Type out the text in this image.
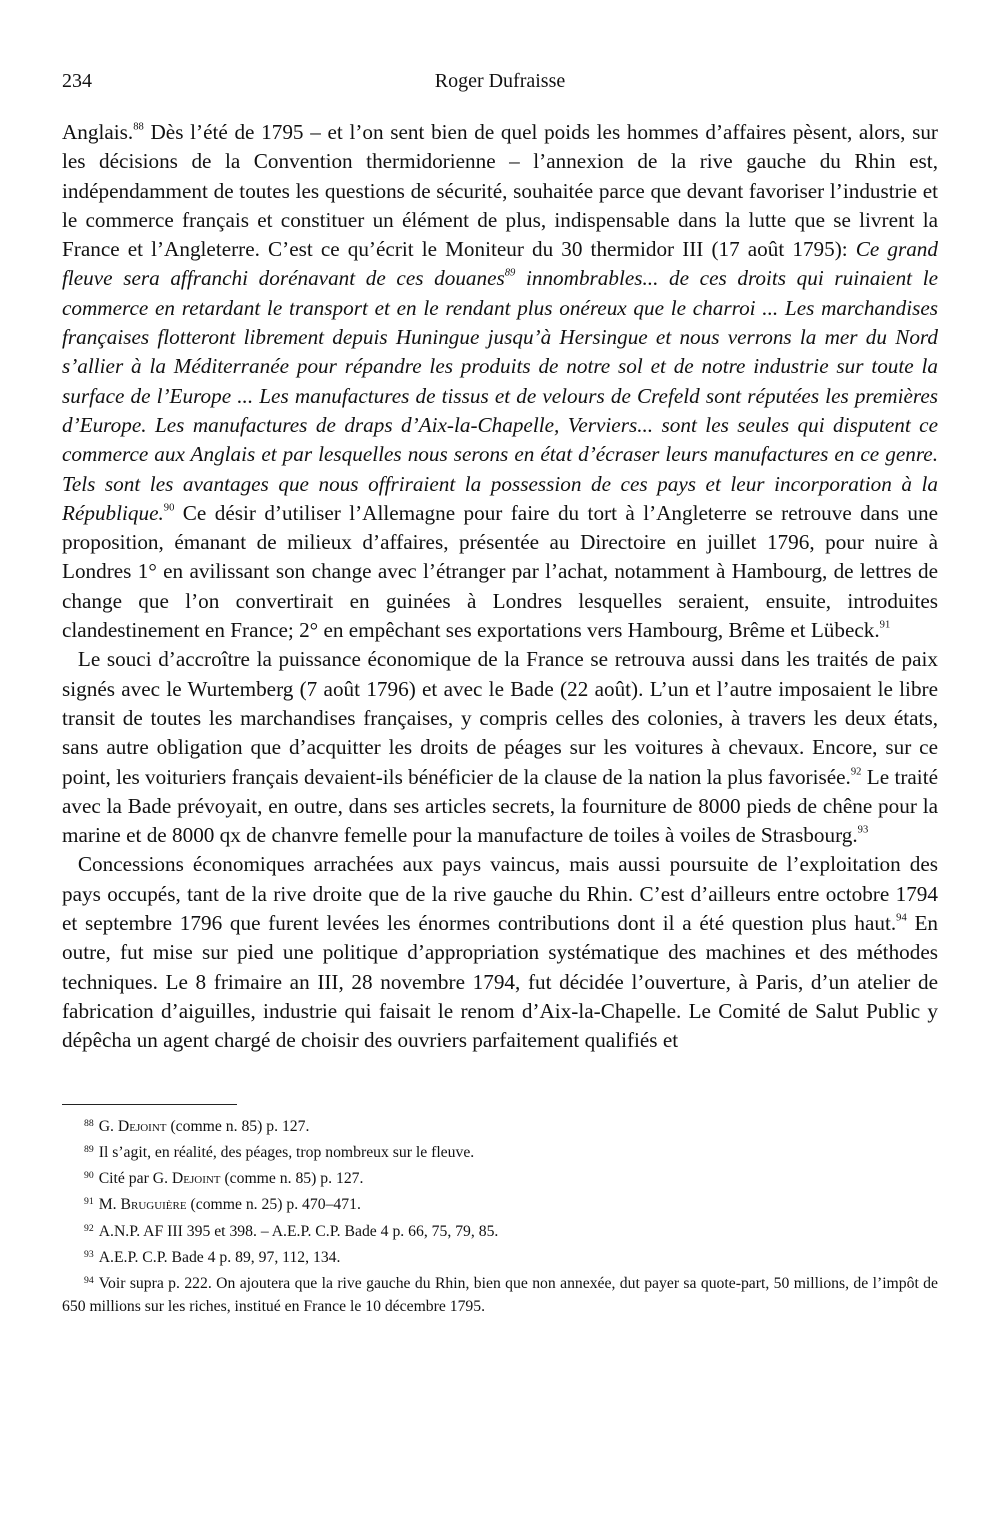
234	Roger Dufraisse

Anglais.$^{88}$ Dès l’été de 1795 – et l’on sent bien de quel poids les hommes d’affaires pèsent, alors, sur les décisions de la Convention thermidorienne – l’annexion de la rive gauche du Rhin est, indépendamment de toutes les questions de sécurité, souhaitée parce que devant favoriser l’industrie et le commerce français et constituer un élément de plus, indispensable dans la lutte que se livrent la France et l’Angleterre. C’est ce qu’écrit le Moniteur du 30 thermidor III (17 août 1795): Ce grand fleuve sera affranchi dorénavant de ces douanes$^{89}$ innombrables... de ces droits qui ruinaient le commerce en retardant le transport et en le rendant plus onéreux que le charroi ... Les marchandises françaises flotteront librement depuis Huningue jusqu’à Hersingue et nous verrons la mer du Nord s’allier à la Méditerranée pour répandre les produits de notre sol et de notre industrie sur toute la surface de l’Europe ... Les manufactures de tissus et de velours de Crefeld sont réputées les premières d’Europe. Les manufactures de draps d’Aix-la-Chapelle, Verviers... sont les seules qui disputent ce commerce aux Anglais et par lesquelles nous serons en état d’écraser leurs manufactures en ce genre. Tels sont les avantages que nous offriraient la possession de ces pays et leur incorporation à la République.$^{90}$ Ce désir d’utiliser l’Allemagne pour faire du tort à l’Angleterre se retrouve dans une proposition, émanant de milieux d’affaires, présentée au Directoire en juillet 1796, pour nuire à Londres 1° en avilissant son change avec l’étranger par l’achat, notamment à Hambourg, de lettres de change que l’on convertirait en guinées à Londres lesquelles seraient, ensuite, introduites clandestinement en France; 2° en empêchant ses exportations vers Hambourg, Brême et Lübeck.$^{91}$

Le souci d’accroître la puissance économique de la France se retrouva aussi dans les traités de paix signés avec le Wurtemberg (7 août 1796) et avec le Bade (22 août). L’un et l’autre imposaient le libre transit de toutes les marchandises françaises, y compris celles des colonies, à travers les deux états, sans autre obligation que d’acquitter les droits de péages sur les voitures à chevaux. Encore, sur ce point, les voituriers français devaient-ils bénéficier de la clause de la nation la plus favorisée.$^{92}$ Le traité avec la Bade prévoyait, en outre, dans ses articles secrets, la fourniture de 8000 pieds de chêne pour la marine et de 8000 qx de chanvre femelle pour la manufacture de toiles à voiles de Strasbourg.$^{93}$

Concessions économiques arrachées aux pays vaincus, mais aussi poursuite de l’exploitation des pays occupés, tant de la rive droite que de la rive gauche du Rhin. C’est d’ailleurs entre octobre 1794 et septembre 1796 que furent levées les énormes contributions dont il a été question plus haut.$^{94}$ En outre, fut mise sur pied une politique d’appropriation systématique des machines et des méthodes techniques. Le 8 frimaire an III, 28 novembre 1794, fut décidée l’ouverture, à Paris, d’un atelier de fabrication d’aiguilles, industrie qui faisait le renom d’Aix-la-Chapelle. Le Comité de Salut Public y dépêcha un agent chargé de choisir des ouvriers parfaitement qualifiés et

$^{88}$ G. Dejoint (comme n. 85) p. 127.
$^{89}$ Il s’agit, en réalité, des péages, trop nombreux sur le fleuve.
$^{90}$ Cité par G. Dejoint (comme n. 85) p. 127.
$^{91}$ M. Bruguière (comme n. 25) p. 470–471.
$^{92}$ A.N.P. AF III 395 et 398. – A.E.P. C.P. Bade 4 p. 66, 75, 79, 85.
$^{93}$ A.E.P. C.P. Bade 4 p. 89, 97, 112, 134.
$^{94}$ Voir supra p. 222. On ajoutera que la rive gauche du Rhin, bien que non annexée, dut payer sa quote-part, 50 millions, de l’impôt de 650 millions sur les riches, institué en France le 10 décembre 1795.
